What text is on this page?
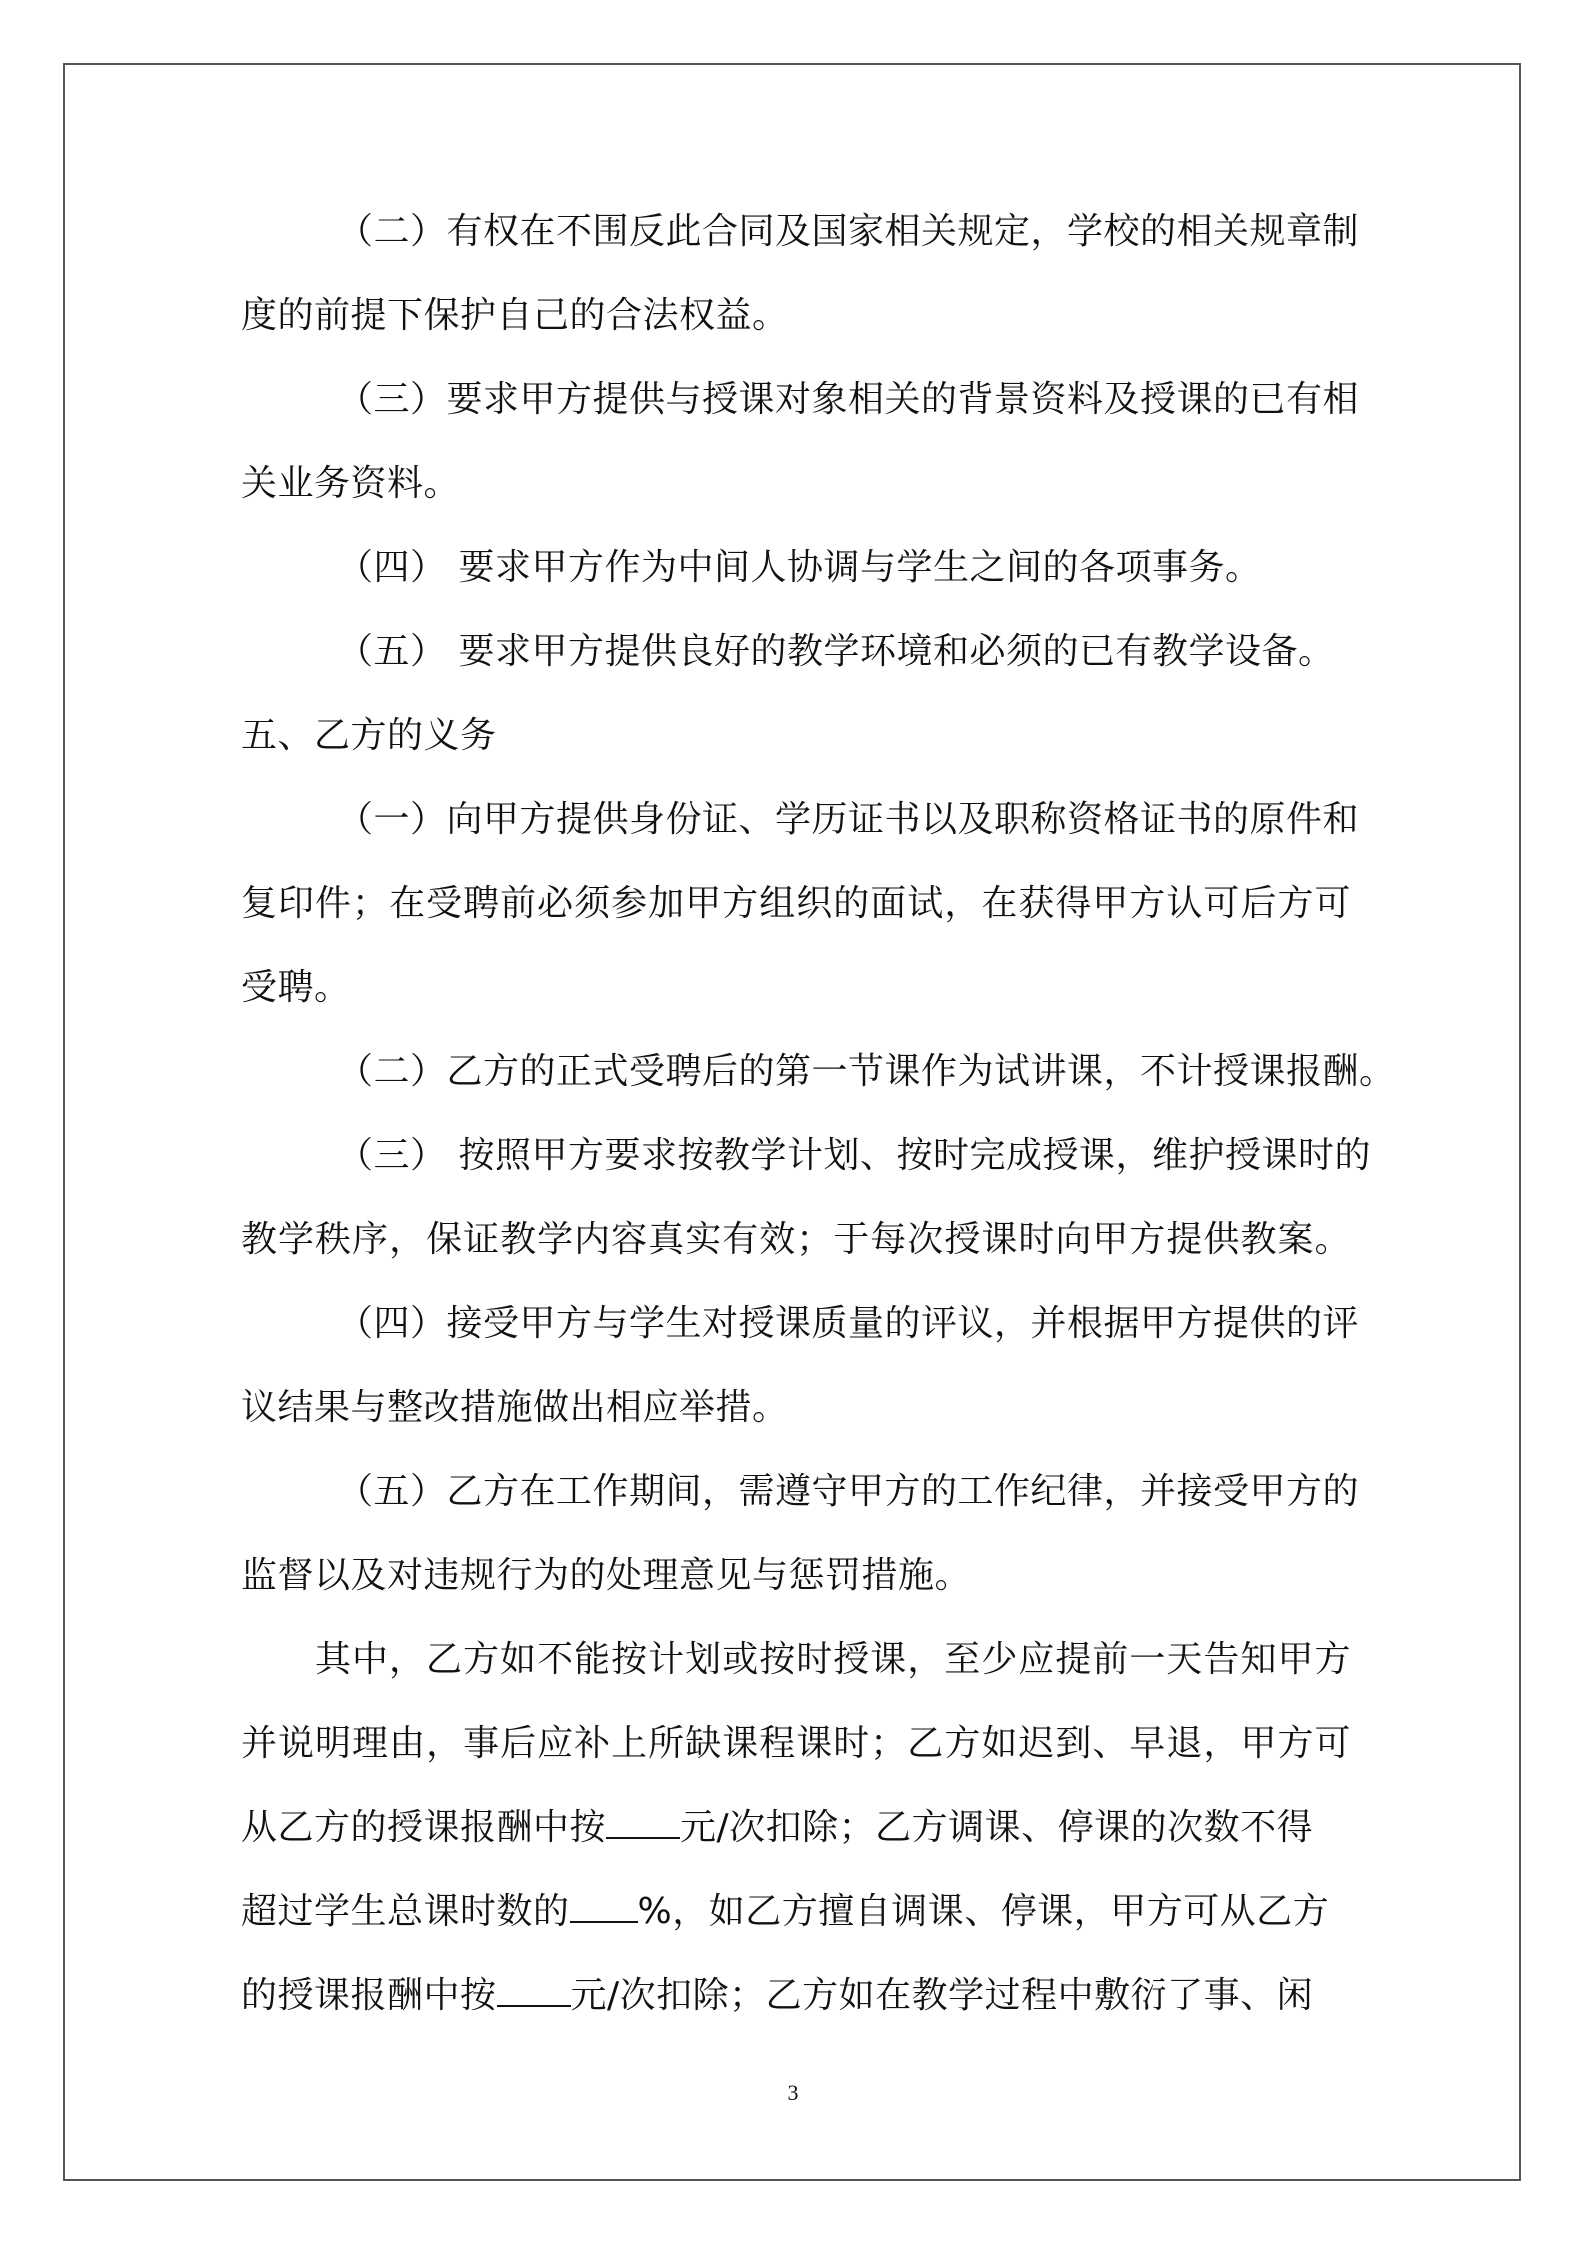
（二）有权在不围反此合同及国家相关规定，学校的相关规章制
度的前提下保护自己的合法权益。
（三）要求甲方提供与授课对象相关的背景资料及授课的已有相
关业务资料。
（四） 要求甲方作为中间人协调与学生之间的各项事务。
（五） 要求甲方提供良好的教学环境和必须的已有教学设备。
五、乙方的义务
（一）向甲方提供身份证、学历证书以及职称资格证书的原件和
复印件；在受聘前必须参加甲方组织的面试，在获得甲方认可后方可
受聘。
（二）乙方的正式受聘后的第一节课作为试讲课，不计授课报酬。
（三） 按照甲方要求按教学计划、按时完成授课，维护授课时的
教学秩序，保证教学内容真实有效；于每次授课时向甲方提供教案。
（四）接受甲方与学生对授课质量的评议，并根据甲方提供的评
议结果与整改措施做出相应举措。
（五）乙方在工作期间，需遵守甲方的工作纪律，并接受甲方的
监督以及对违规行为的处理意见与惩罚措施。
其中，乙方如不能按计划或按时授课，至少应提前一天告知甲方
并说明理由，事后应补上所缺课程课时；乙方如迟到、早退，甲方可
从乙方的授课报酬中按 元/次扣除；乙方调课、停课的次数不得
超过学生总课时数的 %，如乙方擅自调课、停课，甲方可从乙方
的授课报酬中按 元/次扣除；乙方如在教学过程中敷衍了事、闲
3
